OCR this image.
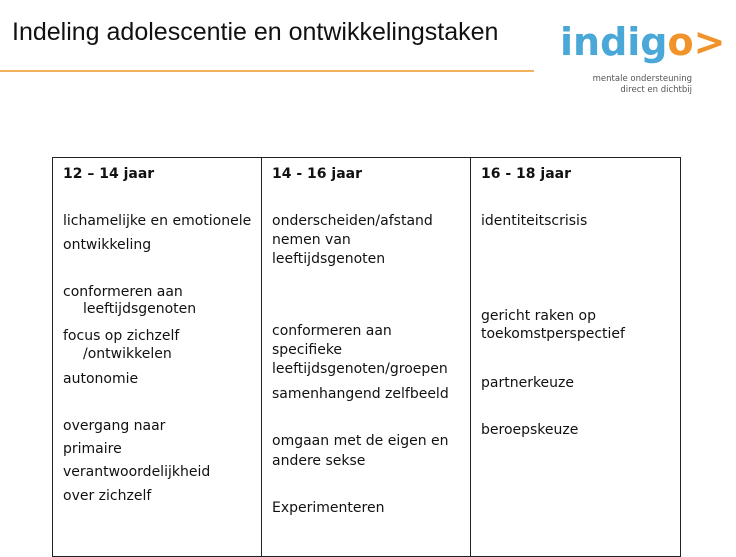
Indeling adolescentie en ontwikkelingstaken indigo>
mentale ondersteuning
direct en dichtbij
12 – 14 jaar
lichamelijke en emotionele
ontwikkeling
conformeren aan
leeftijdsgenoten
focus op zichzelf
/ontwikkelen
autonomie
overgang naar
primaire
verantwoordelijkheid
over zichzelf
14 - 16 jaar
onderscheiden/afstand
nemen van
leeftijdsgenoten
conformeren aan
specifieke
leeftijdsgenoten/groepen
samenhangend zelfbeeld
omgaan met de eigen en
andere sekse
Experimenteren
16 - 18 jaar
identiteitscrisis
gericht raken op
toekomstperspectief
partnerkeuze
beroepskeuze
